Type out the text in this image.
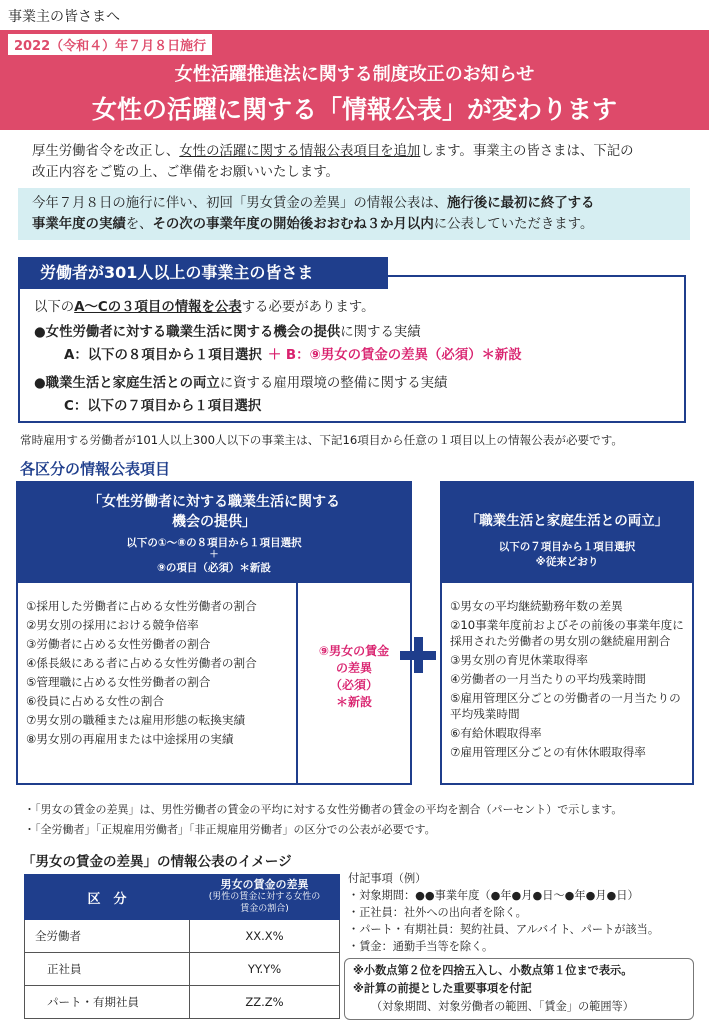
事業主の皆さまへ
2022（令和４）年７月８日施行
女性活躍推進法に関する制度改正のお知らせ
女性の活躍に関する「情報公表」が変わります
厚生労働省令を改正し、女性の活躍に関する情報公表項目を追加します。事業主の皆さまは、下記の
改正内容をご覧の上、ご準備をお願いいたします。
今年７月８日の施行に伴い、初回「男女賃金の差異」の情報公表は、施行後に最初に終了する
事業年度の実績を、その次の事業年度の開始後おおむね３か月以内に公表していただきます。
労働者が301人以上の事業主の皆さま
以下のA～Cの３項目の情報を公表する必要があります。
●女性労働者に対する職業生活に関する機会の提供に関する実績
A：以下の８項目から１項目選択 ＋ B：⑨男女の賃金の差異（必須）＊新設
●職業生活と家庭生活との両立に資する雇用環境の整備に関する実績
C：以下の７項目から１項目選択
常時雇用する労働者が101人以上300人以下の事業主は、下記16項目から任意の１項目以上の情報公表が必要です。
各区分の情報公表項目
「女性労働者に対する職業生活に関する
機会の提供」
以下の①～⑧の８項目から１項目選択
＋
⑨の項目（必須）＊新設
①採用した労働者に占める女性労働者の割合
②男女別の採用における競争倍率
③労働者に占める女性労働者の割合
④係長級にある者に占める女性労働者の割合
⑤管理職に占める女性労働者の割合
⑥役員に占める女性の割合
⑦男女別の職種または雇用形態の転換実績
⑧男女別の再雇用または中途採用の実績
⑨男女の賃金
の差異
（必須）
＊新設
「職業生活と家庭生活との両立」
以下の７項目から１項目選択
※従来どおり
①男女の平均継続勤務年数の差異
②10事業年度前およびその前後の事業年度に採用された労働者の男女別の継続雇用割合
③男女別の育児休業取得率
④労働者の一月当たりの平均残業時間
⑤雇用管理区分ごとの労働者の一月当たりの平均残業時間
⑥有給休暇取得率
⑦雇用管理区分ごとの有休休暇取得率
・「男女の賃金の差異」は、男性労働者の賃金の平均に対する女性労働者の賃金の平均を割合（パーセント）で示します。
・「全労働者」「正規雇用労働者」「非正規雇用労働者」の区分での公表が必要です。
「男女の賃金の差異」の情報公表のイメージ
区　分	男女の賃金の差異
(男性の賃金に対する女性の
賃金の割合)

全労働者	XX.X%
正社員	YY.Y%
パート・有期社員	ZZ.Z%
付記事項（例）
・対象期間：●●事業年度（●年●月●日～●年●月●日）
・正社員：社外への出向者を除く。
・パート・有期社員：契約社員、アルバイト、パートが該当。
・賃金：通勤手当等を除く。
※小数点第２位を四捨五入し、小数点第１位まで表示。
※計算の前提とした重要事項を付記
（対象期間、対象労働者の範囲、「賃金」の範囲等）
